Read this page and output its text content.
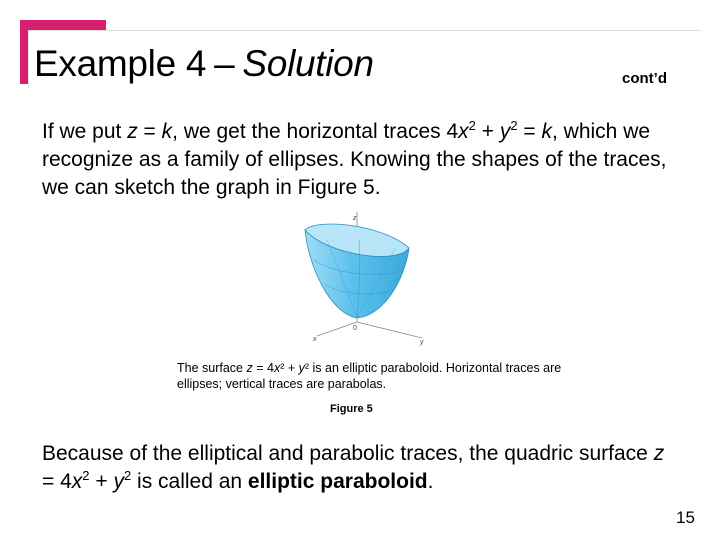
Example 4 – Solution	cont’d
If we put z = k, we get the horizontal traces $4x^2 + y^2 = k$, which we recognize as a family of ellipses. Knowing the shapes of the traces, we can sketch the graph in Figure 5.
z
x	y
0
The surface z = 4x² + y² is an elliptic paraboloid. Horizontal traces are ellipses; vertical traces are parabolas.
Figure 5
Because of the elliptical and parabolic traces, the quadric surface $z = 4x^2 + y^2$ is called an elliptic paraboloid.
15
